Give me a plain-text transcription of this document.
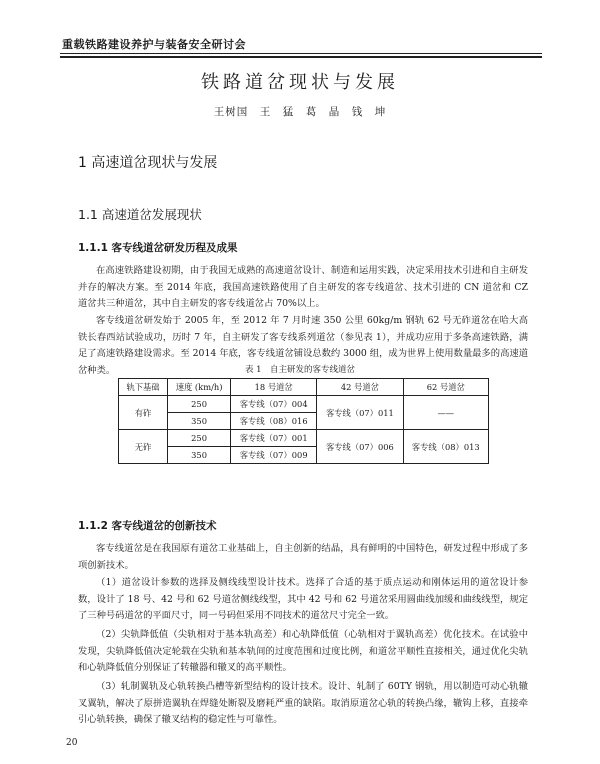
重载铁路建设养护与装备安全研讨会
铁路道岔现状与发展
王树国　王　猛　葛　晶　钱　坤
1 高速道岔现状与发展
1.1 高速道岔发展现状
1.1.1 客专线道岔研发历程及成果

在高速铁路建设初期，由于我国无成熟的高速道岔设计、制造和运用实践，决定采用技术引进和自主研发并存的解决方案。至 2014 年底，我国高速铁路使用了自主研发的客专线道岔、技术引进的 CN 道岔和 CZ 道岔共三种道岔，其中自主研发的客专线道岔占 70%以上。

客专线道岔研发始于 2005 年，至 2012 年 7 月时速 350 公里 60kg/m 钢轨 62 号无砟道岔在哈大高铁长春西站试验成功，历时 7 年，自主研发了客专线系列道岔（参见表 1），并成功应用于多条高速铁路，满足了高速铁路建设需求。至 2014 年底，客专线道岔铺设总数约 3000 组，成为世界上使用数量最多的高速道岔种类。	表 1　自主研发的客专线道岔
轨下基础	速度 (km/h)	18 号道岔	42 号道岔	62 号道岔
有砟	250	客专线（07）004	客专线（07）011	——
	350	客专线（08）016		
无砟	250	客专线（07）001	客专线（07）006	客专线（08）013
	350	客专线（07）009		
1.1.2 客专线道岔的创新技术

客专线道岔是在我国原有道岔工业基础上，自主创新的结晶，具有鲜明的中国特色，研发过程中形成了多项创新技术。

（1）道岔设计参数的选择及侧线线型设计技术。选择了合适的基于质点运动和刚体运用的道岔设计参数，设计了 18 号、42 号和 62 号道岔侧线线型，其中 42 号和 62 号道岔采用圆曲线加缓和曲线线型，规定了三种号码道岔的平面尺寸，同一号码但采用不同技术的道岔尺寸完全一致。

（2）尖轨降低值（尖轨相对于基本轨高差）和心轨降低值（心轨相对于翼轨高差）优化技术。在试验中发现，尖轨降低值决定轮载在尖轨和基本轨间的过度范围和过度比例，和道岔平顺性直接相关，通过优化尖轨和心轨降低值分别保证了转辙器和辙叉的高平顺性。

（3）轧制翼轨及心轨转换凸槽等新型结构的设计技术。设计、轧制了 60TY 钢轨，用以制造可动心轨辙叉翼轨，解决了原拼造翼轨在焊缝处断裂及磨耗严重的缺陷。取消原道岔心轨的转换凸缘，辙钩上移，直接牵引心轨转换，确保了辙叉结构的稳定性与可靠性。

20
